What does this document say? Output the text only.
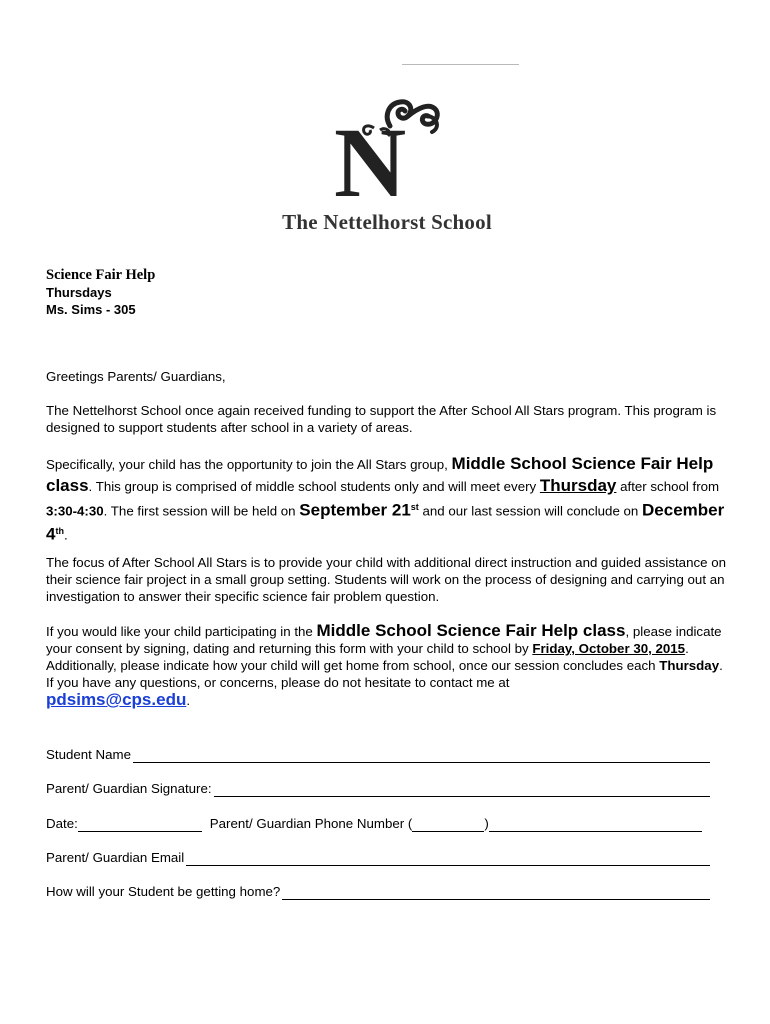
N
The Nettelhorst School
Science Fair Help
Thursdays
Ms. Sims - 305
Greetings Parents/ Guardians,
The Nettelhorst School once again received funding to support the After School All Stars program. This program is designed to support students after school in a variety of areas.
Specifically, your child has the opportunity to join the All Stars group, Middle School Science Fair Help class. This group is comprised of middle school students only and will meet every Thursday after school from 3:30-4:30. The first session will be held on September 21st and our last session will conclude on December 4th.
The focus of After School All Stars is to provide your child with additional direct instruction and guided assistance on their science fair project in a small group setting. Students will work on the process of designing and carrying out an investigation to answer their specific science fair problem question.
If you would like your child participating in the Middle School Science Fair Help class, please indicate your consent by signing, dating and returning this form with your child to school by Friday, October 30, 2015. Additionally, please indicate how your child will get home from school, once our session concludes each Thursday. If you have any questions, or concerns, please do not hesitate to contact me at
pdsims@cps.edu.
Student Name
Parent/ Guardian Signature:
Date:	Parent/ Guardian Phone Number (	)
Parent/ Guardian Email
How will your Student be getting home?
